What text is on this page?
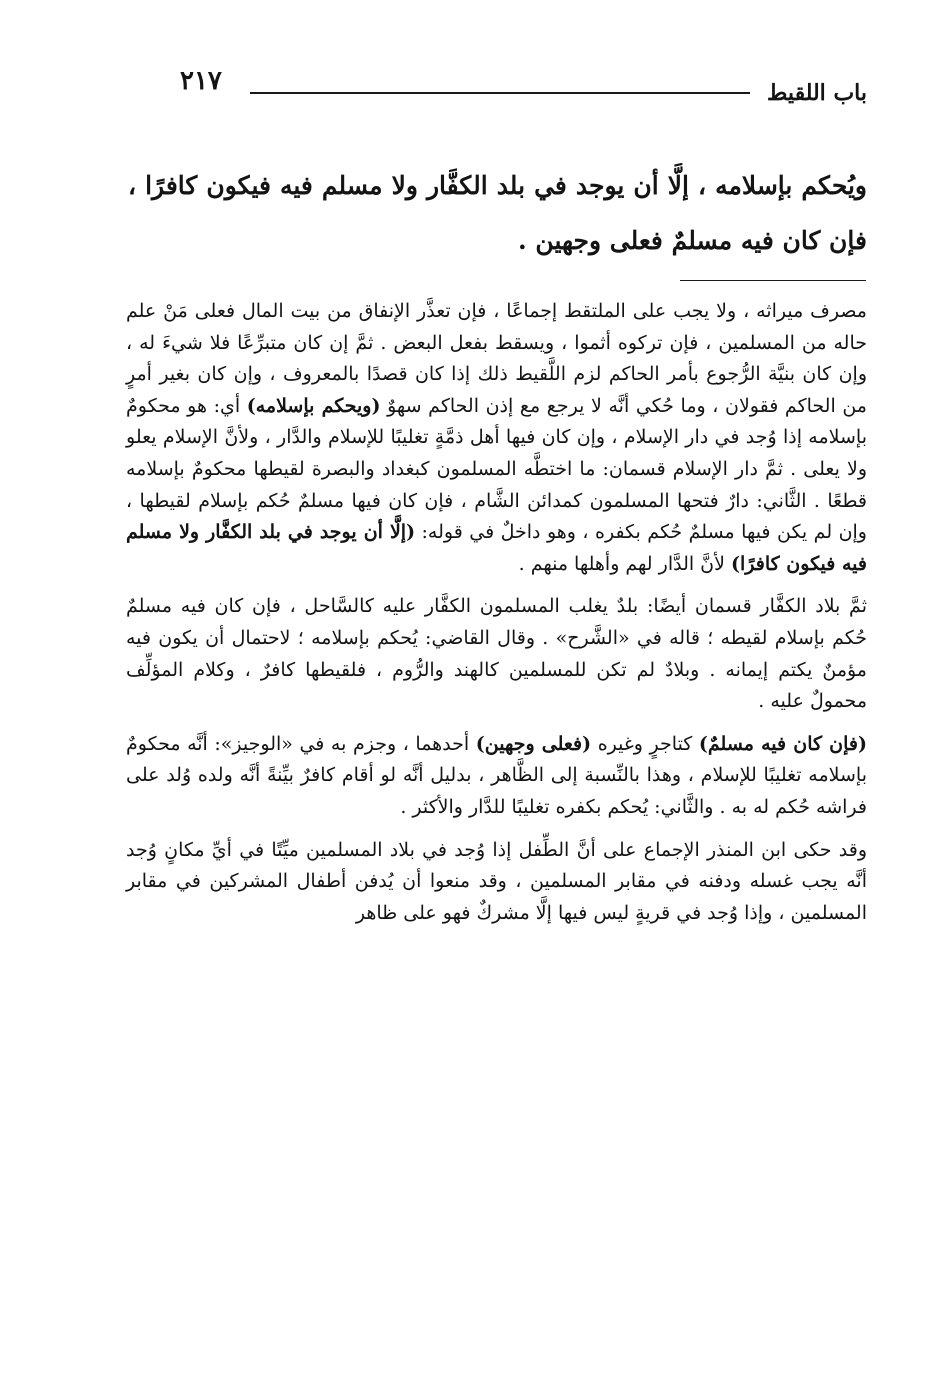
٢١٧	باب اللقيط
ويُحكم بإسلامه ، إلَّا أن يوجد في بلد الكفَّار ولا مسلم فيه فيكون كافرًا ، فإن كان فيه مسلمٌ فعلى وجهين .

مصرف ميراثه ، ولا يجب على الملتقط إجماعًا ، فإن تعذَّر الإنفاق من بيت المال فعلى مَنْ علم حاله من المسلمين ، فإن تركوه أثموا ، ويسقط بفعل البعض . ثمَّ إن كان متبرِّعًا فلا شيءَ له ، وإن كان بنيَّة الرُّجوع بأمر الحاكم لزم اللَّقيط ذلك إذا كان قصدًا بالمعروف ، وإن كان بغير أمرٍ من الحاكم فقولان ، وما حُكي أنَّه لا يرجع مع إذن الحاكم سهوٌ (ويحكم بإسلامه) أي: هو محكومٌ بإسلامه إذا وُجد في دار الإسلام ، وإن كان فيها أهل ذمَّةٍ تغليبًا للإسلام والدَّار ، ولأنَّ الإسلام يعلو ولا يعلى . ثمَّ دار الإسلام قسمان: ما اختطَّه المسلمون كبغداد والبصرة لقيطها محكومٌ بإسلامه قطعًا . الثَّاني: دارٌ فتحها المسلمون كمدائن الشَّام ، فإن كان فيها مسلمٌ حُكم بإسلام لقيطها ، وإن لم يكن فيها مسلمٌ حُكم بكفره ، وهو داخلٌ في قوله: (إلَّا أن يوجد في بلد الكفَّار ولا مسلم فيه فيكون كافرًا) لأنَّ الدَّار لهم وأهلها منهم .

ثمَّ بلاد الكفَّار قسمان أيضًا: بلدٌ يغلب المسلمون الكفَّار عليه كالسَّاحل ، فإن كان فيه مسلمٌ حُكم بإسلام لقيطه ؛ قاله في «الشَّرح» . وقال القاضي: يُحكم بإسلامه ؛ لاحتمال أن يكون فيه مؤمنٌ يكتم إيمانه . وبلادٌ لم تكن للمسلمين كالهند والرُّوم ، فلقيطها كافرٌ ، وكلام المؤلِّف محمولٌ عليه .

(فإن كان فيه مسلمٌ) كتاجرٍ وغيره (فعلى وجهين) أحدهما ، وجزم به في «الوجيز»: أنَّه محكومٌ بإسلامه تغليبًا للإسلام ، وهذا بالنِّسبة إلى الظَّاهر ، بدليل أنَّه لو أقام كافرٌ بيِّنةً أنَّه ولده وُلد على فراشه حُكم له به . والثَّاني: يُحكم بكفره تغليبًا للدَّار والأكثر .

وقد حكى ابن المنذر الإجماع على أنَّ الطِّفل إذا وُجد في بلاد المسلمين ميِّتًا في أيِّ مكانٍ وُجد أنَّه يجب غسله ودفنه في مقابر المسلمين ، وقد منعوا أن يُدفن أطفال المشركين في مقابر المسلمين ، وإذا وُجد في قريةٍ ليس فيها إلَّا مشركٌ فهو على ظاهر
